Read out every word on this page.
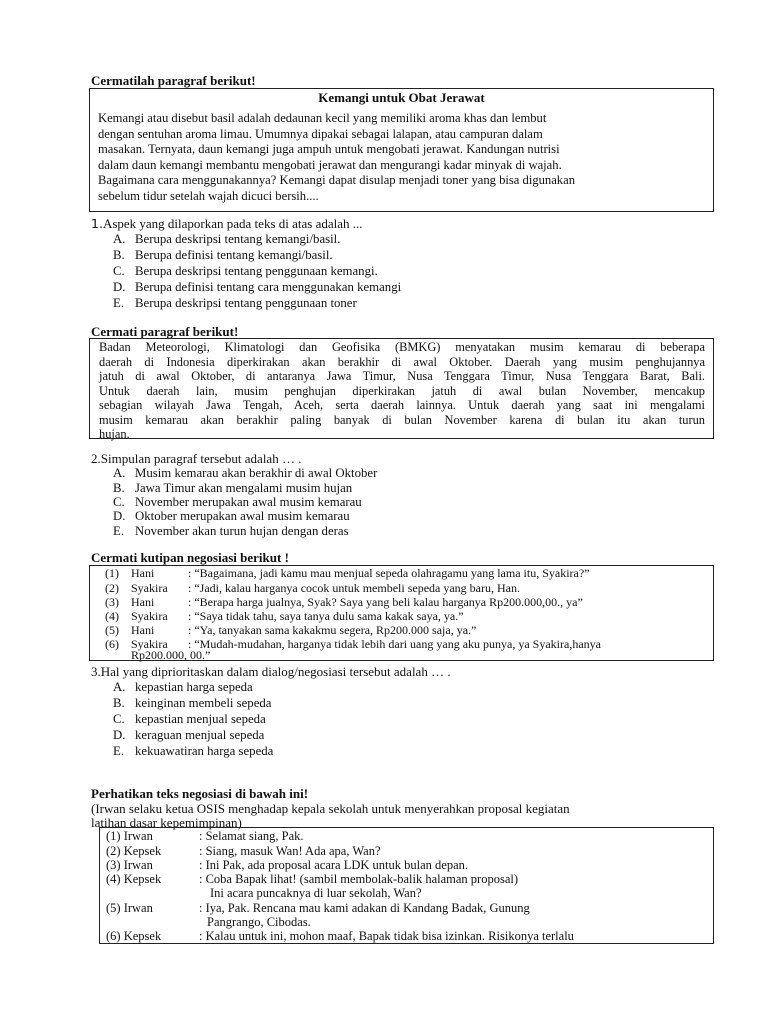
Cermatilah paragraf berikut!
Kemangi untuk Obat Jerawat
Kemangi atau disebut basil adalah dedaunan kecil yang memiliki aroma khas dan lembut
dengan sentuhan aroma limau. Umumnya dipakai sebagai lalapan, atau campuran dalam
masakan. Ternyata, daun kemangi juga ampuh untuk mengobati jerawat. Kandungan nutrisi
dalam daun kemangi membantu mengobati jerawat dan mengurangi kadar minyak di wajah.
Bagaimana cara menggunakannya? Kemangi dapat disulap menjadi toner yang bisa digunakan
sebelum tidur setelah wajah dicuci bersih....
1.Aspek yang dilaporkan pada teks di atas adalah ...
A. Berupa deskripsi tentang kemangi/basil.
B. Berupa definisi tentang kemangi/basil.
C. Berupa deskripsi tentang penggunaan kemangi.
D. Berupa definisi tentang cara menggunakan kemangi
E. Berupa deskripsi tentang penggunaan toner
Cermati paragraf berikut!
Badan Meteorologi, Klimatologi dan Geofisika (BMKG) menyatakan musim kemarau di beberapa
daerah di Indonesia diperkirakan akan berakhir di awal Oktober. Daerah yang musim penghujannya
jatuh di awal Oktober, di antaranya Jawa Timur, Nusa Tenggara Timur, Nusa Tenggara Barat, Bali.
Untuk daerah lain, musim penghujan diperkirakan jatuh di awal bulan November, mencakup
sebagian wilayah Jawa Tengah, Aceh, serta daerah lainnya. Untuk daerah yang saat ini mengalami
musim kemarau akan berakhir paling banyak di bulan November karena di bulan itu akan turun
hujan.
2.Simpulan paragraf tersebut adalah … .
A. Musim kemarau akan berakhir di awal Oktober
B. Jawa Timur akan mengalami musim hujan
C. November merupakan awal musim kemarau
D. Oktober merupakan awal musim kemarau
E. November akan turun hujan dengan deras
Cermati kutipan negosiasi berikut !
(1) Hani	: “Bagaimana, jadi kamu mau menjual sepeda olahragamu yang lama itu, Syakira?”
(2) Syakira : “Jadi, kalau harganya cocok untuk membeli sepeda yang baru, Han.
(3) Hani	: “Berapa harga jualnya, Syak? Saya yang beli kalau harganya Rp200.000,00., ya”
(4) Syakira : “Saya tidak tahu, saya tanya dulu sama kakak saya, ya.”
(5) Hani	: “Ya, tanyakan sama kakakmu segera, Rp200.000 saja, ya.”
(6) Syakira : “Mudah-mudahan, harganya tidak lebih dari uang yang aku punya, ya Syakira,hanya
Rp200.000, 00.”
3.Hal yang diprioritaskan dalam dialog/negosiasi tersebut adalah … .
A. kepastian harga sepeda
B. keinginan membeli sepeda
C. kepastian menjual sepeda
D. keraguan menjual sepeda
E. kekuawatiran harga sepeda
Perhatikan teks negosiasi di bawah ini!
(Irwan selaku ketua OSIS menghadap kepala sekolah untuk menyerahkan proposal kegiatan
latihan dasar kepemimpinan)
(1) Irwan	: Selamat siang, Pak.
(2) Kepsek	: Siang, masuk Wan! Ada apa, Wan?
(3) Irwan	: Ini Pak, ada proposal acara LDK untuk bulan depan.
(4) Kepsek	: Coba Bapak lihat! (sambil membolak-balik halaman proposal)
Ini acara puncaknya di luar sekolah, Wan?
(5) Irwan	: Iya, Pak. Rencana mau kami adakan di Kandang Badak, Gunung
Pangrango, Cibodas.
(6) Kepsek	: Kalau untuk ini, mohon maaf, Bapak tidak bisa izinkan. Risikonya terlalu
